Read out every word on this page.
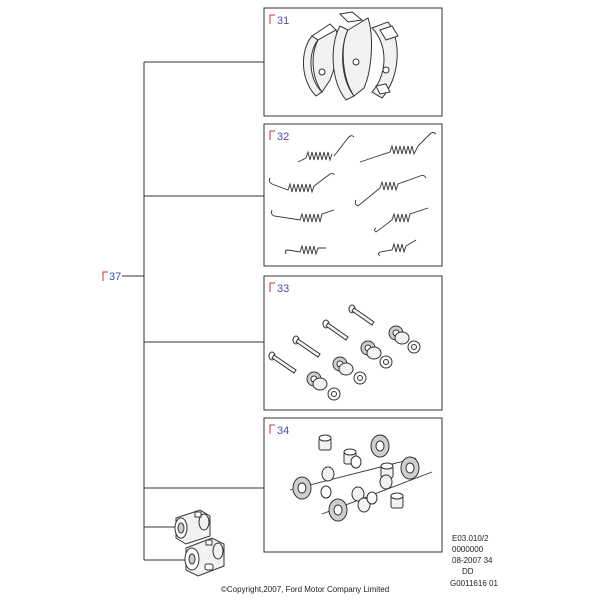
37
31
32
33
34
E03.010/2
0000000
08-2007 34
DD
G0011616 01
©Copyright,2007, Ford Motor Company Limited
